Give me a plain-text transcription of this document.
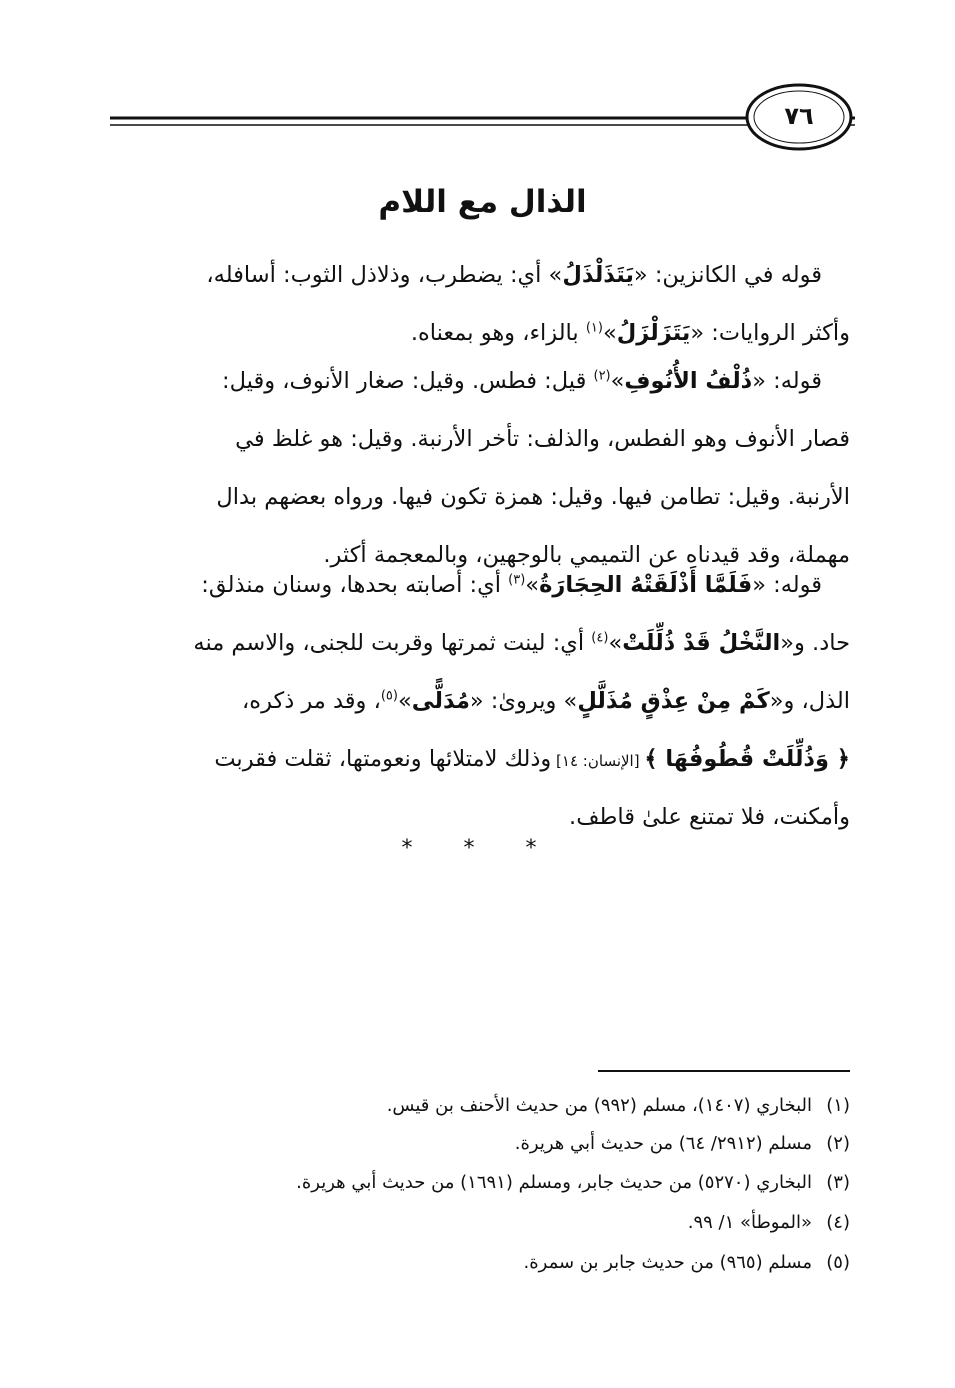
٧٦
الذال مع اللام
قوله في الكانزين: «يَتَذَلْذَلُ» أي: يضطرب، وذلاذل الثوب: أسافله،
وأكثر الروايات: «يَتَزَلْزَلُ»$^{(١)}$ بالزاء، وهو بمعناه.
قوله: «ذُلْفُ الأُنُوفِ»$^{(٢)}$ قيل: فطس. وقيل: صغار الأنوف، وقيل:
قصار الأنوف وهو الفطس، والذلف: تأخر الأرنبة. وقيل: هو غلظ في
الأرنبة. وقيل: تطامن فيها. وقيل: همزة تكون فيها. ورواه بعضهم بدال
مهملة، وقد قيدناه عن التميمي بالوجهين، وبالمعجمة أكثر.
قوله: «فَلَمَّا أَذْلَقَتْهُ الحِجَارَةُ»$^{(٣)}$ أي: أصابته بحدها، وسنان منذلق:
حاد. و«النَّخْلُ قَدْ ذُلِّلَتْ»$^{(٤)}$ أي: لينت ثمرتها وقربت للجنى، والاسم منه
الذل، و«كَمْ مِنْ عِذْقٍ مُذَلَّلٍ» ويروىٰ: «مُدَلًّى»$^{(٥)}$، وقد مر ذكره،
﴿ وَذُلِّلَتْ قُطُوفُهَا ﴾ [الإنسان: ١٤] وذلك لامتلائها ونعومتها، ثقلت فقربت
وأمكنت، فلا تمتنع علىٰ قاطف.
* * *
(١)البخاري (١٤٠٧)، مسلم (٩٩٢) من حديث الأحنف بن قيس.
(٢)مسلم (٢٩١٢/ ٦٤) من حديث أبي هريرة.
(٣)البخاري (٥٢٧٠) من حديث جابر، ومسلم (١٦٩١) من حديث أبي هريرة.
(٤)«الموطأ» ١/ ٩٩.
(٥)مسلم (٩٦٥) من حديث جابر بن سمرة.
